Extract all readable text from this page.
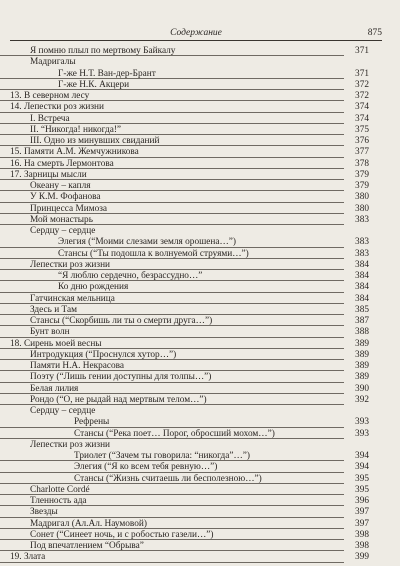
Содержание	875
Я помню плыл по мертвому Байкалу	371
Мадригалы
Г-же Н.Т. Ван-дер-Брант	371
Г-же Н.К. Акцери	372
13. В северном лесу	372
14. Лепестки роз жизни	374
I. Встреча	374
II. “Никогда! никогда!”	375
III. Одно из минувших свиданий	376
15. Памяти А.М. Жемчужникова	377
16. На смерть Лермонтова	378
17. Зарницы мысли	379
Океану – капля	379
У К.М. Фофанова	380
Принцесса Мимоза	380
Мой монастырь	383
Сердцу – сердце
Элегия (“Моими слезами земля орошена…”)	383
Стансы (“Ты подошла к волнуемой струями…”)	383
Лепестки роз жизни	384
“Я люблю сердечно, безрассудно…”	384
Ко дню рождения	384
Гатчинская мельница	384
Здесь и Там	385
Стансы (“Скорбишь ли ты о смерти друга…”)	387
Бунт волн	388
18. Сирень моей весны	389
Интродукция (“Проснулся хутор…”)	389
Памяти Н.А. Некрасова	389
Поэту (“Лишь гении доступны для толпы…”)	389
Белая лилия	390
Рондо (“О, не рыдай над мертвым телом…”)	392
Сердцу – сердце
Рефрены	393
Стансы (“Река поет… Порог, обросший мохом…”)	393
Лепестки роз жизни
Триолет (“Зачем ты говорила: “никогда”…”)	394
Элегия (“Я ко всем тебя ревную…”)	394
Стансы (“Жизнь считаешь ли бесполезною…”)	395
Charlotte Cordé	395
Тленность ада	396
Звезды	397
Мадригал (Ал.Ал. Наумовой)	397
Сонет (“Синеет ночь, и с робостью газели…”)	398
Под впечатлением “Обрыва”	398
19. Злата	399
